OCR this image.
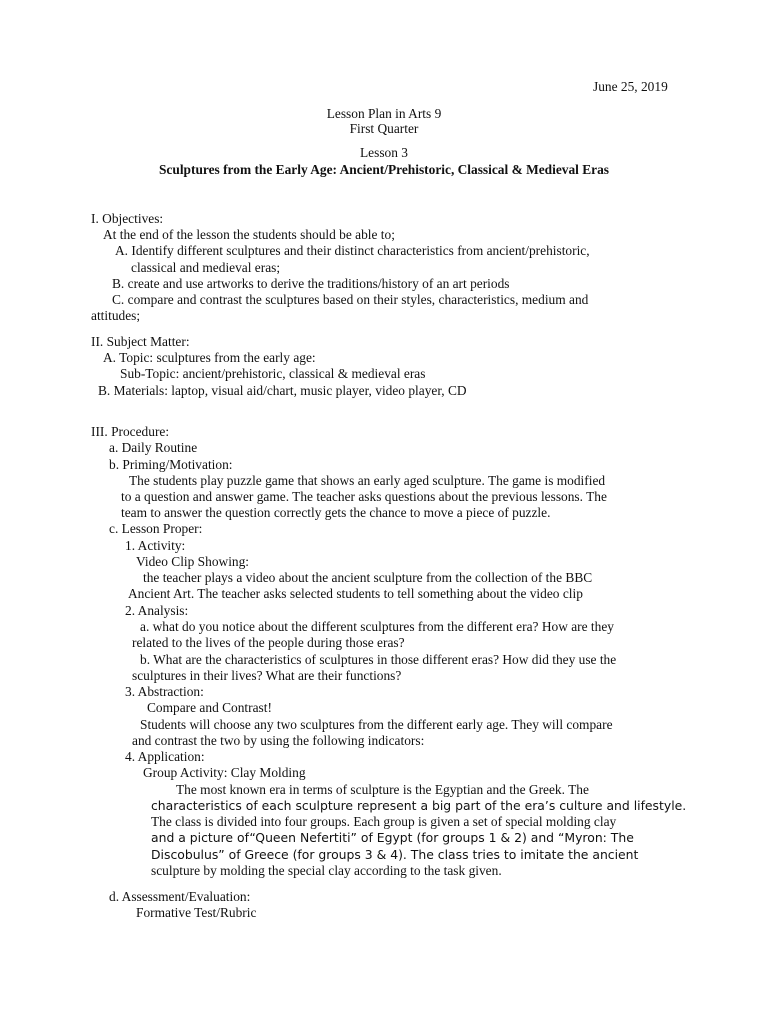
June 25, 2019
Lesson Plan in Arts 9
First Quarter
Lesson 3
Sculptures from the Early Age: Ancient/Prehistoric, Classical & Medieval Eras
I. Objectives:
At the end of the lesson the students should be able to;
A. Identify different sculptures and their distinct characteristics from ancient/prehistoric,
classical and medieval eras;
B. create and use artworks to derive the traditions/history of an art periods
C. compare and contrast the sculptures based on their styles, characteristics, medium and
attitudes;
II. Subject Matter:
A. Topic: sculptures from the early age:
Sub-Topic: ancient/prehistoric, classical & medieval eras
B. Materials: laptop, visual aid/chart, music player, video player, CD
III. Procedure:
a. Daily Routine
b. Priming/Motivation:
The students play puzzle game that shows an early aged sculpture. The game is modified
to a question and answer game. The teacher asks questions about the previous lessons. The
team to answer the question correctly gets the chance to move a piece of puzzle.
c. Lesson Proper:
1. Activity:
Video Clip Showing:
the teacher plays a video about the ancient sculpture from the collection of the BBC
Ancient Art. The teacher asks selected students to tell something about the video clip
2. Analysis:
a. what do you notice about the different sculptures from the different era? How are they
related to the lives of the people during those eras?
b. What are the characteristics of sculptures in those different eras? How did they use the
sculptures in their lives? What are their functions?
3. Abstraction:
Compare and Contrast!
Students will choose any two sculptures from the different early age. They will compare
and contrast the two by using the following indicators:
4. Application:
Group Activity: Clay Molding
The most known era in terms of sculpture is the Egyptian and the Greek. The
characteristics of each sculpture represent a big part of the era’s culture and lifestyle.
The class is divided into four groups. Each group is given a set of special molding clay
and a picture of“Queen Nefertiti” of Egypt (for groups 1 & 2) and “Myron: The
Discobulus” of Greece (for groups 3 & 4). The class tries to imitate the ancient
sculpture by molding the special clay according to the task given.
d. Assessment/Evaluation:
Formative Test/Rubric
